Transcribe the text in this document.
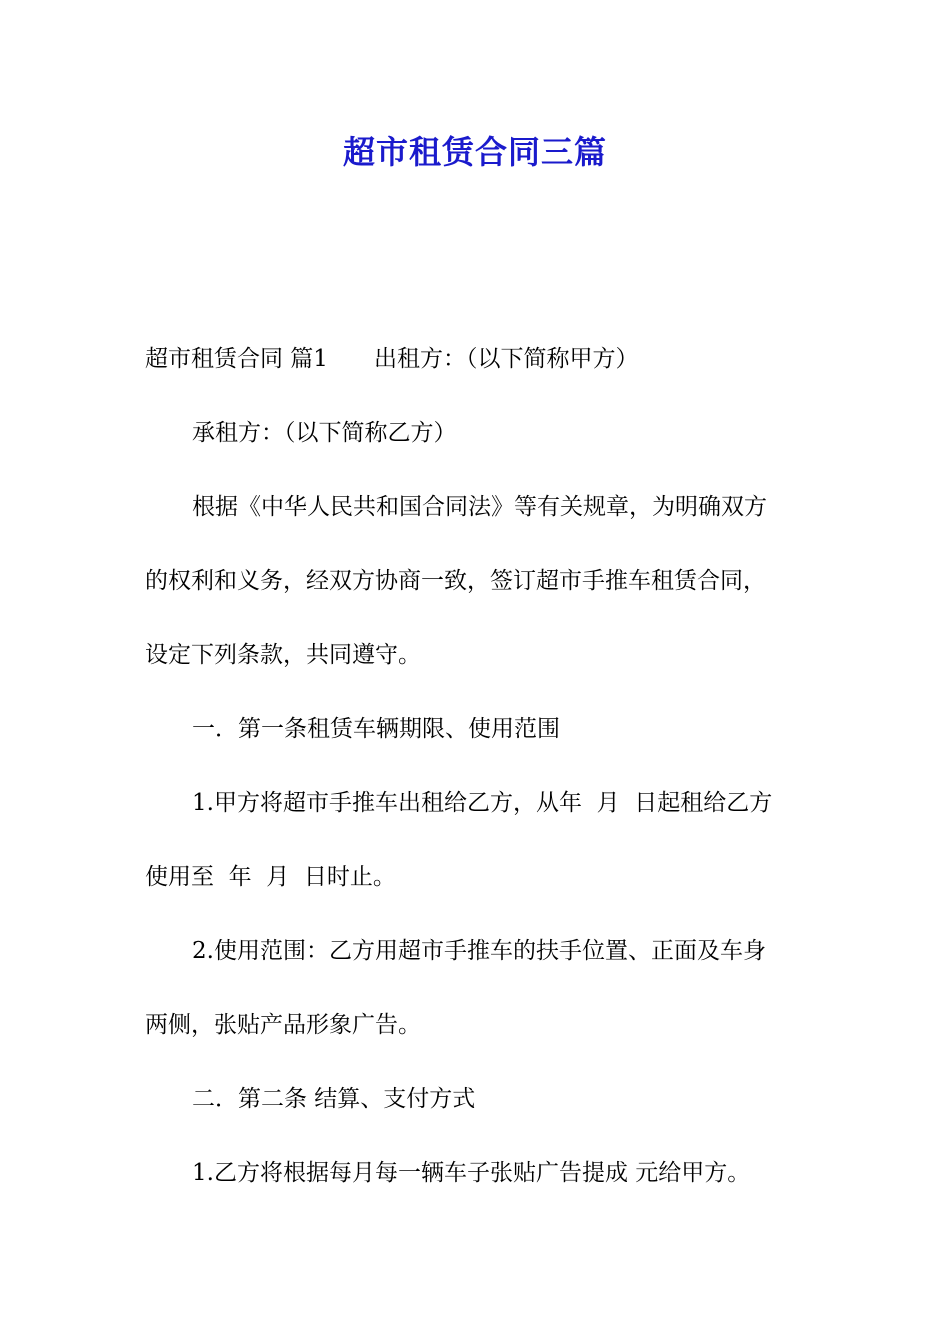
超市租赁合同三篇

超市租赁合同 篇1 出租方：（以下简称甲方）

承租方：（以下简称乙方）

根据《中华人民共和国合同法》等有关规章，为明确双方

的权利和义务，经双方协商一致，签订超市手推车租赁合同，

设定下列条款，共同遵守。

一．第一条租赁车辆期限、使用范围

1.甲方将超市手推车出租给乙方，从年  月  日起租给乙方

使用至  年  月  日时止。

2.使用范围：乙方用超市手推车的扶手位置、正面及车身

两侧，张贴产品形象广告。

二．第二条 结算、支付方式

1.乙方将根据每月每一辆车子张贴广告提成 元给甲方。
